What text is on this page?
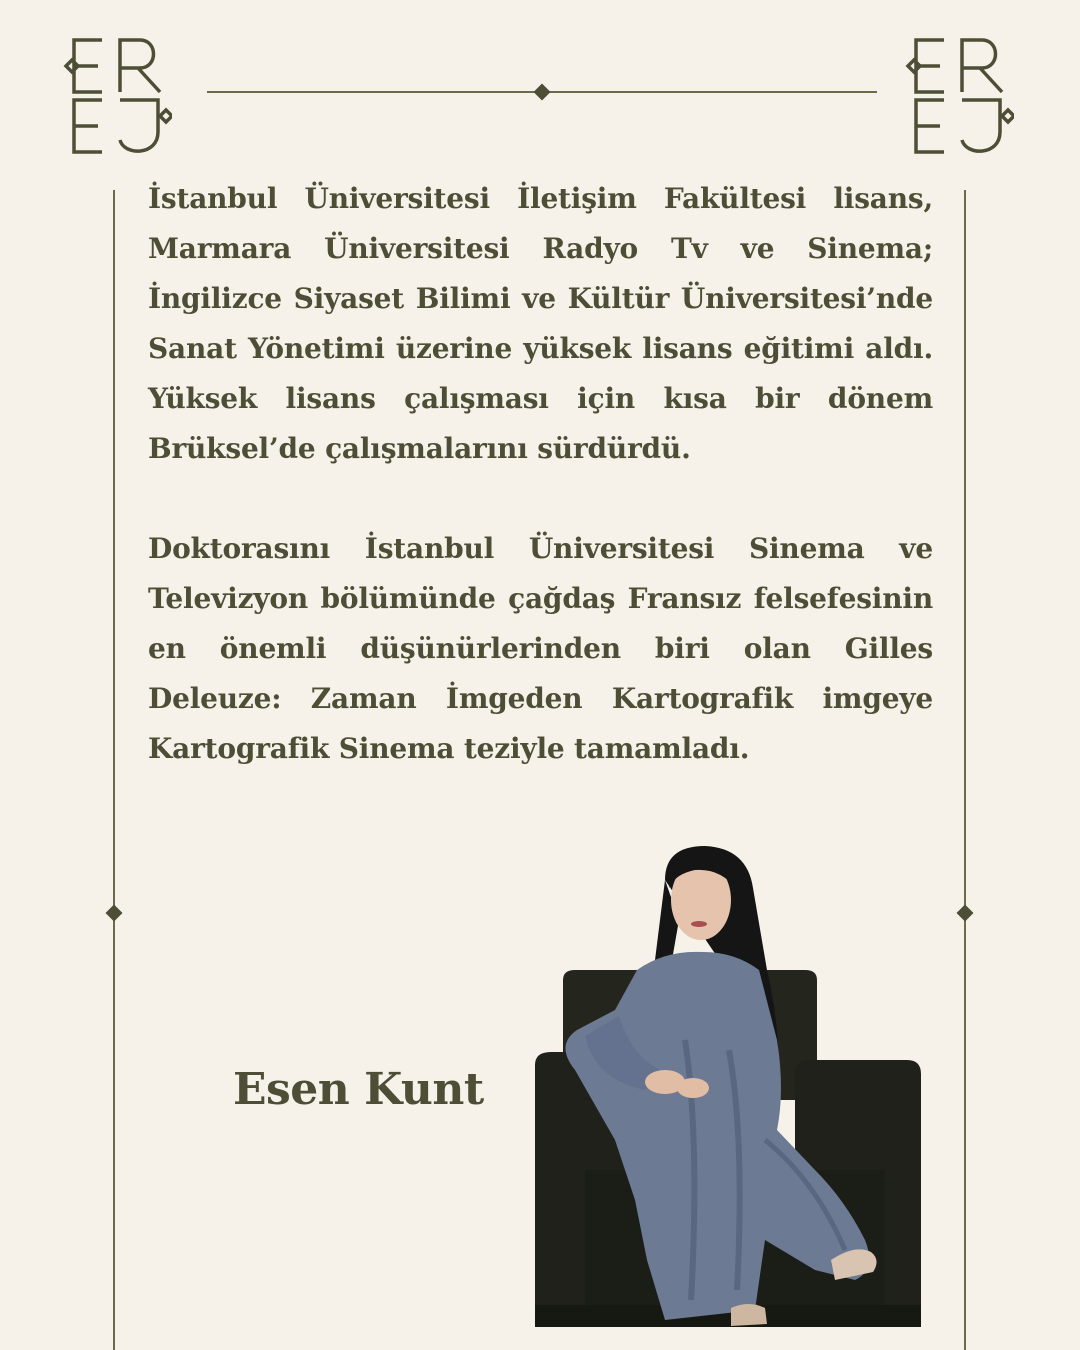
İstanbul Üniversitesi İletişim Fakültesi lisans, Marmara Üniversitesi Radyo Tv ve Sinema; İngilizce Siyaset Bilimi ve Kültür Üniversitesi’nde Sanat Yönetimi üzerine yüksek lisans eğitimi aldı. Yüksek lisans çalışması için kısa bir dönem Brüksel’de çalışmalarını sürdürdü.

Doktorasını İstanbul Üniversitesi Sinema ve Televizyon bölümünde çağdaş Fransız felsefesinin en önemli düşünürlerinden biri olan Gilles Deleuze: Zaman İmgeden Kartografik imgeye Kartografik Sinema teziyle tamamladı.

Esen Kunt
